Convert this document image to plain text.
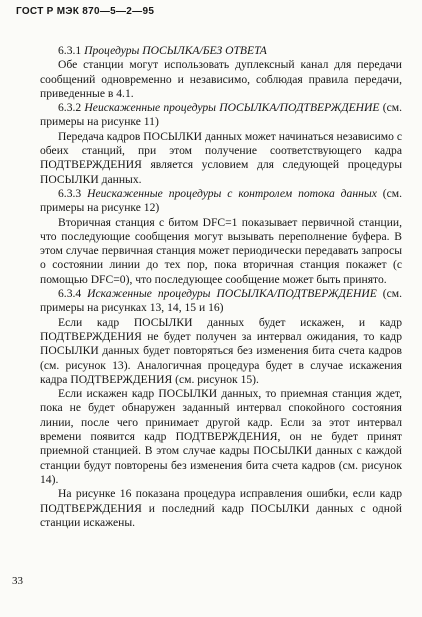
ГОСТ Р МЭК 870—5—2—95

6.3.1 Процедуры ПОСЫЛКА/БЕЗ ОТВЕТА

Обе станции могут использовать дуплексный канал для передачи сообщений одновременно и независимо, соблюдая правила передачи, приведенные в 4.1.

6.3.2 Неискаженные процедуры ПОСЫЛКА/ПОДТВЕРЖДЕНИЕ (см. примеры на рисунке 11)

Передача кадров ПОСЫЛКИ данных может начинаться независимо с обеих станций, при этом получение соответствующего кадра ПОДТВЕРЖДЕНИЯ является условием для следующей процедуры ПОСЫЛКИ данных.

6.3.3 Неискаженные процедуры с контролем потока данных (см. примеры на рисунке 12)

Вторичная станция с битом DFC=1 показывает первичной станции, что последующие сообщения могут вызывать переполнение буфера. В этом случае первичная станция может периодически передавать запросы о состоянии линии до тех пор, пока вторичная станция покажет (с помощью DFC=0), что последующее сообщение может быть принято.

6.3.4 Искаженные процедуры ПОСЫЛКА/ПОДТВЕРЖДЕНИЕ (см. примеры на рисунках 13, 14, 15 и 16)

Если кадр ПОСЫЛКИ данных будет искажен, и кадр ПОДТВЕРЖДЕНИЯ не будет получен за интервал ожидания, то кадр ПОСЫЛКИ данных будет повторяться без изменения бита счета кадров (см. рисунок 13). Аналогичная процедура будет в случае искажения кадра ПОДТВЕРЖДЕНИЯ (см. рисунок 15).

Если искажен кадр ПОСЫЛКИ данных, то приемная станция ждет, пока не будет обнаружен заданный интервал спокойного состояния линии, после чего принимает другой кадр. Если за этот интервал времени появится кадр ПОДТВЕРЖДЕНИЯ, он не будет принят приемной станцией. В этом случае кадры ПОСЫЛКИ данных с каждой станции будут повторены без изменения бита счета кадров (см. рисунок 14).

На рисунке 16 показана процедура исправления ошибки, если кадр ПОДТВЕРЖДЕНИЯ и последний кадр ПОСЫЛКИ данных с одной станции искажены.

33
